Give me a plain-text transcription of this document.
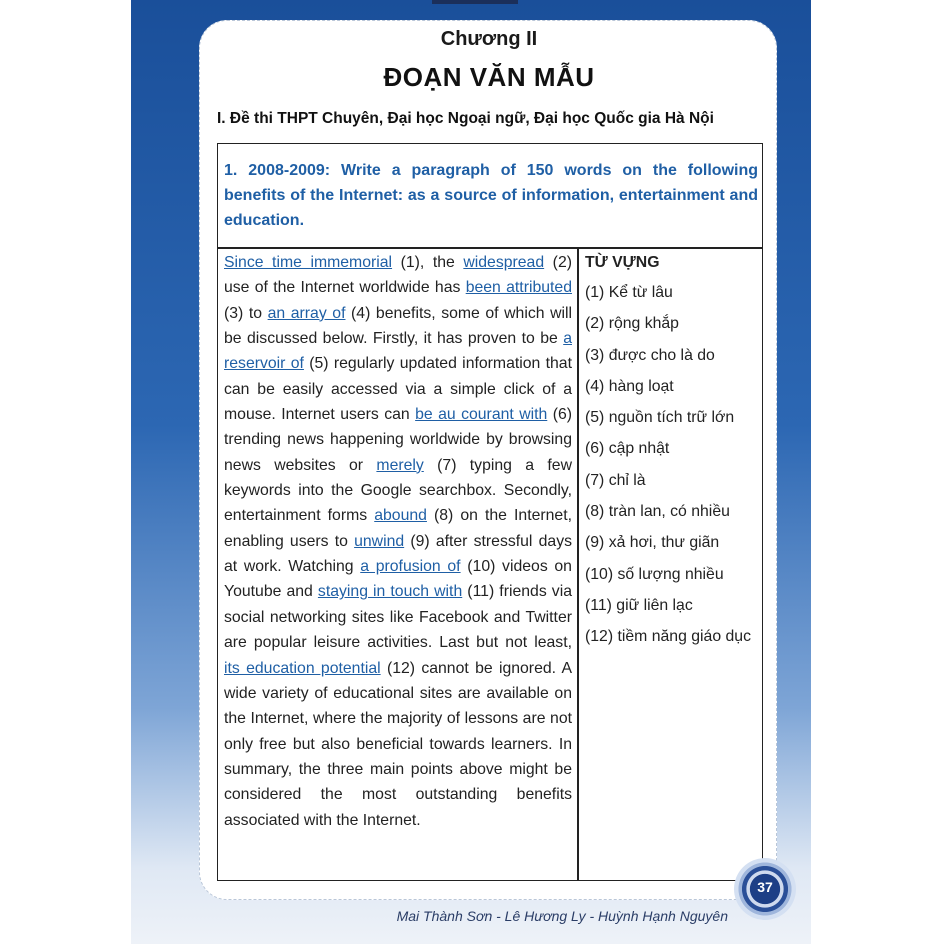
Chương II
ĐOẠN VĂN MẪU
I. Đề thi THPT Chuyên, Đại học Ngoại ngữ, Đại học Quốc gia Hà Nội
1. 2008-2009: Write a paragraph of 150 words on the following benefits of the Internet: as a source of information, entertainment and education.
Since time immemorial (1), the widespread (2) use of the Internet worldwide has been attributed (3) to an array of (4) benefits, some of which will be discussed below. Firstly, it has proven to be a reservoir of (5) regularly updated information that can be easily accessed via a simple click of a mouse. Internet users can be au courant with (6) trending news happening worldwide by browsing news websites or merely (7) typing a few keywords into the Google searchbox. Secondly, entertainment forms abound (8) on the Internet, enabling users to unwind (9) after stressful days at work. Watching a profusion of (10) videos on Youtube and staying in touch with (11) friends via social networking sites like Facebook and Twitter are popular leisure activities. Last but not least, its education potential (12) cannot be ignored. A wide variety of educational sites are available on the Internet, where the majority of lessons are not only free but also beneficial towards learners. In summary, the three main points above might be considered the most outstanding benefits associated with the Internet.
TỪ VỰNG
(1) Kể từ lâu
(2) rộng khắp
(3) được cho là do
(4) hàng loạt
(5) nguồn tích trữ lớn
(6) cập nhật
(7) chỉ là
(8) tràn lan, có nhiều
(9) xả hơi, thư giãn
(10) số lượng nhiều
(11) giữ liên lạc
(12) tiềm năng giáo dục
37
Mai Thành Sơn - Lê Hương Ly - Huỳnh Hạnh Nguyên
